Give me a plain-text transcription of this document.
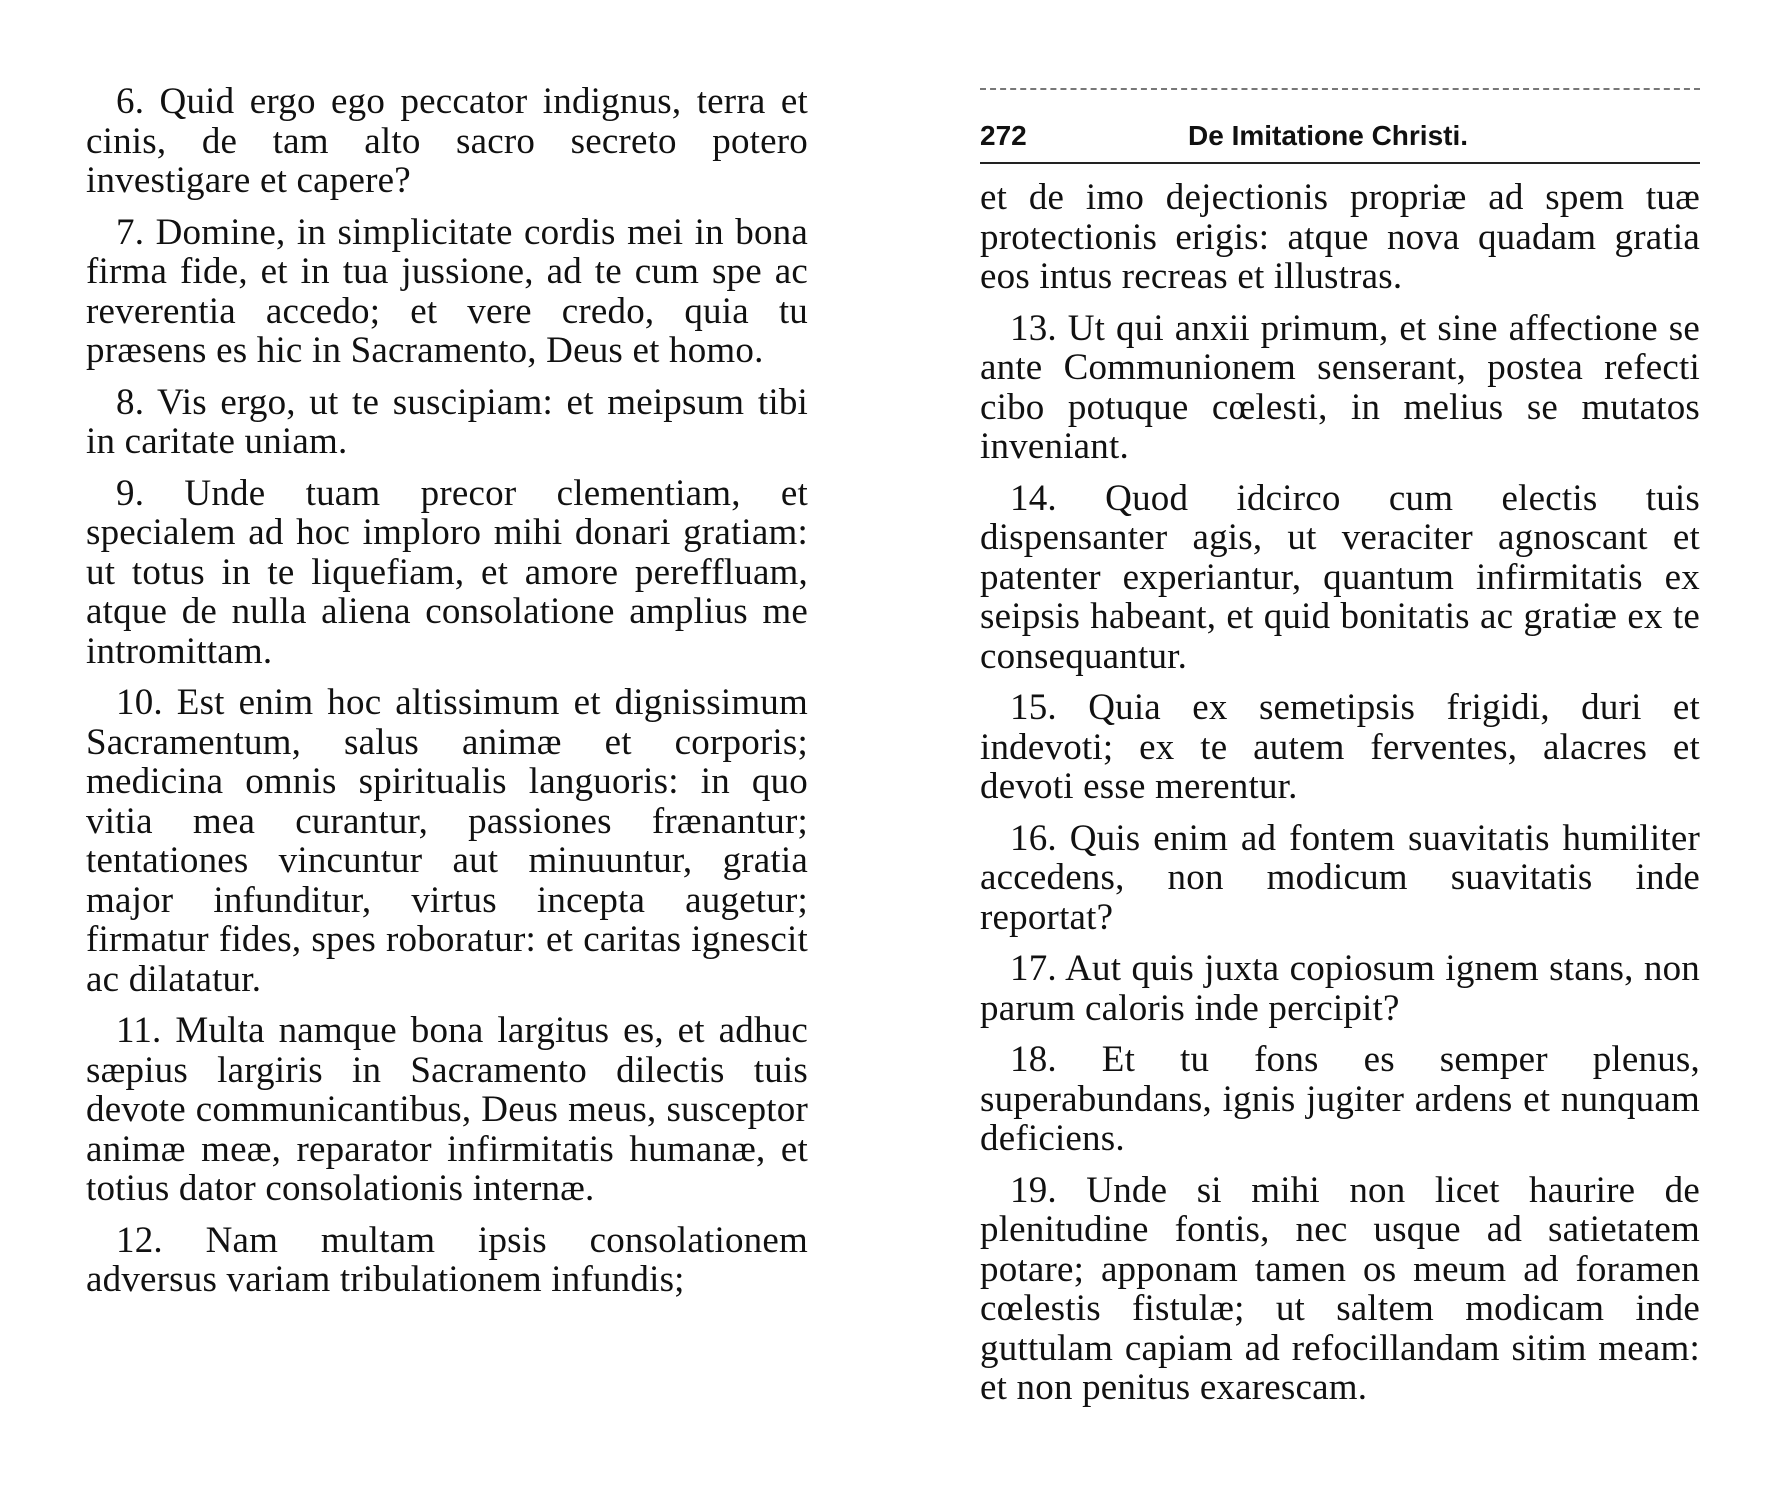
6. Quid ergo ego peccator indignus, terra et cinis, de tam alto sacro secreto potero investigare et capere?

7. Domine, in simplicitate cordis mei in bona firma fide, et in tua jussione, ad te cum spe ac reverentia accedo; et vere credo, quia tu præsens es hic in Sacramento, Deus et homo.

8. Vis ergo, ut te suscipiam: et meipsum tibi in caritate uniam.

9. Unde tuam precor clementiam, et specialem ad hoc imploro mihi donari gratiam: ut totus in te liquefiam, et amore pereffluam, atque de nulla aliena consolatione amplius me intromittam.

10. Est enim hoc altissimum et dignissimum Sacramentum, salus animæ et corporis; medicina omnis spiritualis languoris: in quo vitia mea curantur, passiones frænantur; tentationes vincuntur aut minuuntur, gratia major infunditur, virtus incepta augetur; firmatur fides, spes roboratur: et caritas ignescit ac dilatatur.

11. Multa namque bona largitus es, et adhuc sæpius largiris in Sacramento dilectis tuis devote communicantibus, Deus meus, susceptor animæ meæ, reparator infirmitatis humanæ, et totius dator consolationis internæ.

12. Nam multam ipsis consolationem adversus variam tribulationem infundis;

272	De Imitatione Christi.

et de imo dejectionis propriæ ad spem tuæ protectionis erigis: atque nova quadam gratia eos intus recreas et illustras.

13. Ut qui anxii primum, et sine affectione se ante Communionem senserant, postea refecti cibo potuque cœlesti, in melius se mutatos inveniant.

14. Quod idcirco cum electis tuis dispensanter agis, ut veraciter agnoscant et patenter experiantur, quantum infirmitatis ex seipsis habeant, et quid bonitatis ac gratiæ ex te consequantur.

15. Quia ex semetipsis frigidi, duri et indevoti; ex te autem ferventes, alacres et devoti esse merentur.

16. Quis enim ad fontem suavitatis humiliter accedens, non modicum suavitatis inde reportat?

17. Aut quis juxta copiosum ignem stans, non parum caloris inde percipit?

18. Et tu fons es semper plenus, superabundans, ignis jugiter ardens et nunquam deficiens.

19. Unde si mihi non licet haurire de plenitudine fontis, nec usque ad satietatem potare; apponam tamen os meum ad foramen cœlestis fistulæ; ut saltem modicam inde guttulam capiam ad refocillandam sitim meam: et non penitus exarescam.
